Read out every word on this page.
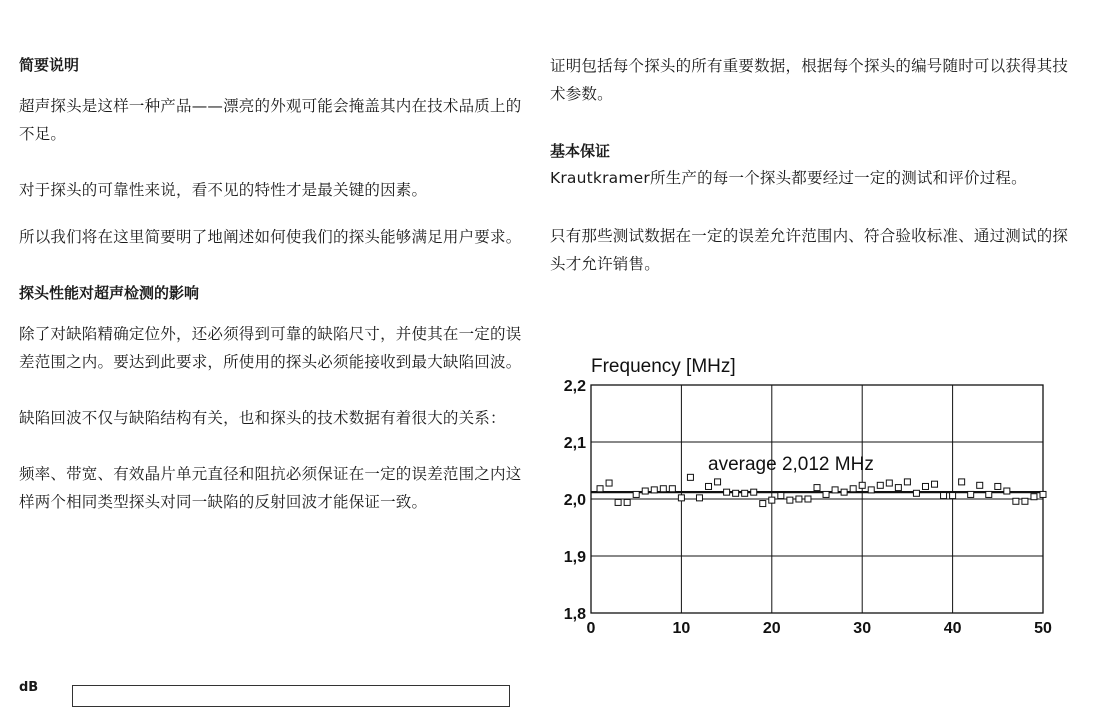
简要说明

超声探头是这样一种产品——漂亮的外观可能会掩盖其内在技术品质上的不足。

对于探头的可靠性来说，看不见的特性才是最关键的因素。

所以我们将在这里简要明了地阐述如何使我们的探头能够满足用户要求。

探头性能对超声检测的影响

除了对缺陷精确定位外，还必须得到可靠的缺陷尺寸，并使其在一定的误差范围之内。要达到此要求，所使用的探头必须能接收到最大缺陷回波。

缺陷回波不仅与缺陷结构有关，也和探头的技术数据有着很大的关系：

频率、带宽、有效晶片单元直径和阻抗必须保证在一定的误差范围之内这样两个相同类型探头对同一缺陷的反射回波才能保证一致。

证明包括每个探头的所有重要数据，根据每个探头的编号随时可以获得其技术参数。

基本保证

Krautkramer所生产的每一个探头都要经过一定的测试和评价过程。

只有那些测试数据在一定的误差允许范围内、符合验收标准、通过测试的探头才允许销售。

Frequency [MHz]
0	10	20	30	40	50
1,8
1,9
2,0
2,1
2,2
average 2,012 MHz
dB
